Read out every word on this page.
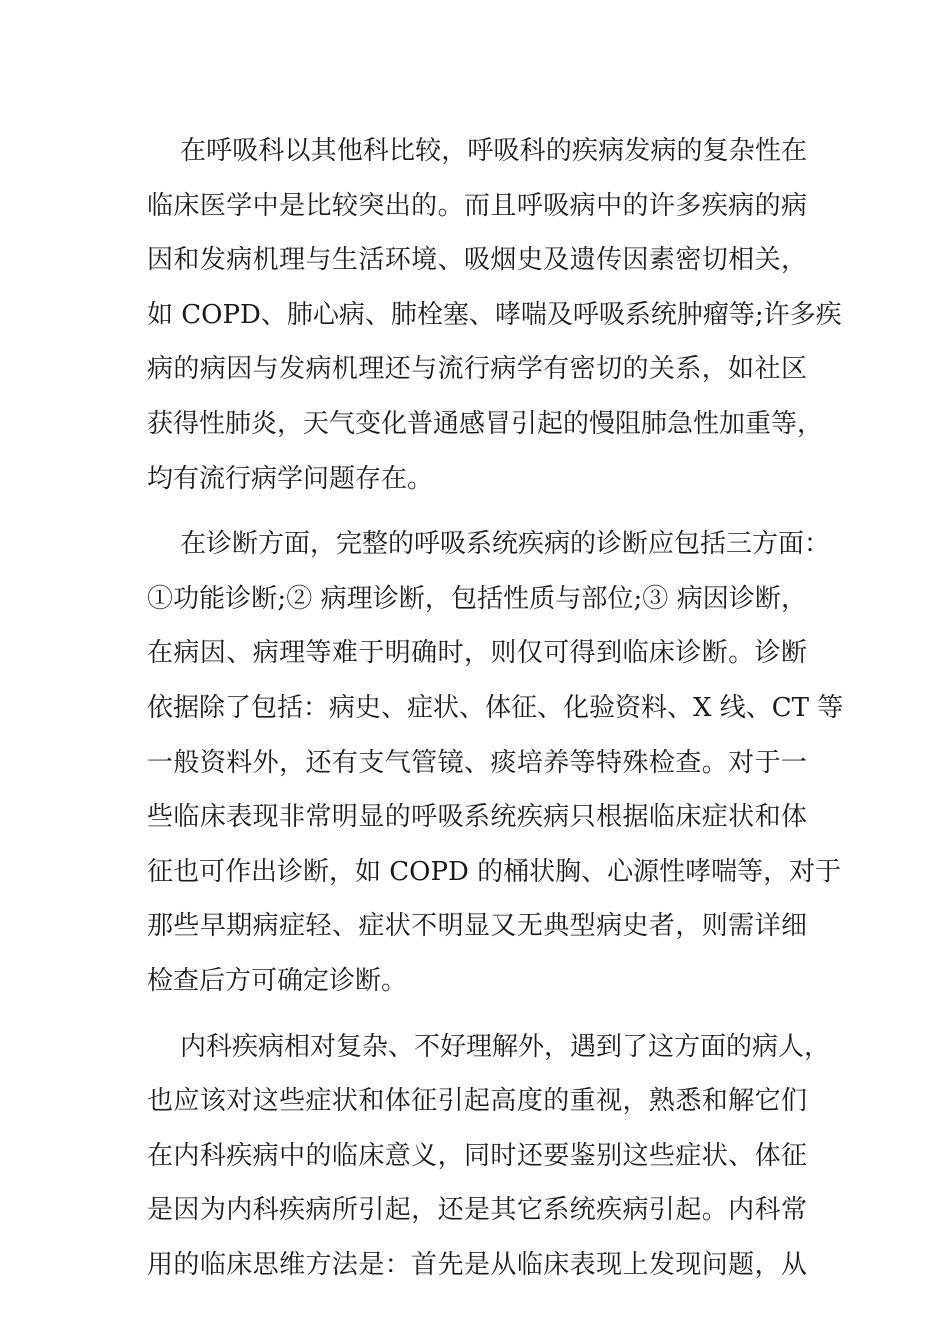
在呼吸科以其他科比较，呼吸科的疾病发病的复杂性在
临床医学中是比较突出的。而且呼吸病中的许多疾病的病
因和发病机理与生活环境、吸烟史及遗传因素密切相关，
如 COPD、肺心病、肺栓塞、哮喘及呼吸系统肿瘤等;许多疾
病的病因与发病机理还与流行病学有密切的关系，如社区
获得性肺炎，天气变化普通感冒引起的慢阻肺急性加重等，
均有流行病学问题存在。
在诊断方面，完整的呼吸系统疾病的诊断应包括三方面：
①功能诊断;② 病理诊断，包括性质与部位;③ 病因诊断，
在病因、病理等难于明确时，则仅可得到临床诊断。诊断
依据除了包括：病史、症状、体征、化验资料、X 线、CT 等
一般资料外，还有支气管镜、痰培养等特殊检查。对于一
些临床表现非常明显的呼吸系统疾病只根据临床症状和体
征也可作出诊断，如 COPD 的桶状胸、心源性哮喘等，对于
那些早期病症轻、症状不明显又无典型病史者，则需详细
检查后方可确定诊断。
内科疾病相对复杂、不好理解外，遇到了这方面的病人，
也应该对这些症状和体征引起高度的重视，熟悉和解它们
在内科疾病中的临床意义，同时还要鉴别这些症状、体征
是因为内科疾病所引起，还是其它系统疾病引起。内科常
用的临床思维方法是：首先是从临床表现上发现问题，从
